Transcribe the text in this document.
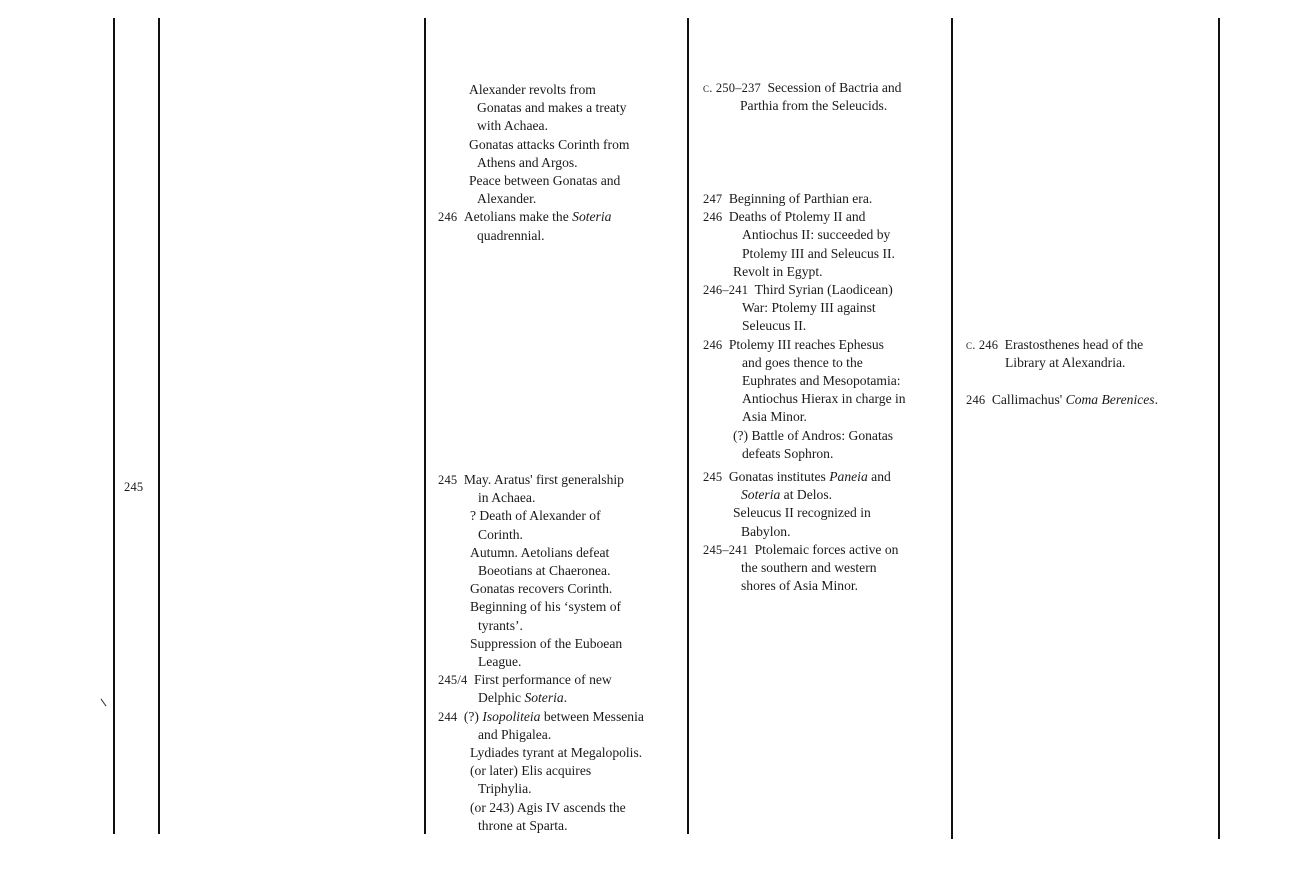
245
Alexander revolts from
Gonatas and makes a treaty
with Achaea.
Gonatas attacks Corinth from
Athens and Argos.
Peace between Gonatas and
Alexander.
246 Aetolians make the Soteria
quadrennial.
245 May. Aratus' first generalship
in Achaea.
? Death of Alexander of
Corinth.
Autumn. Aetolians defeat
Boeotians at Chaeronea.
Gonatas recovers Corinth.
Beginning of his ‘system of
tyrants’.
Suppression of the Euboean
League.
245/4 First performance of new
Delphic Soteria.
244 (?) Isopoliteia between Messenia
and Phigalea.
Lydiades tyrant at Megalopolis.
(or later) Elis acquires
Triphylia.
(or 243) Agis IV ascends the
throne at Sparta.
c. 250–237 Secession of Bactria and
Parthia from the Seleucids.
247 Beginning of Parthian era.
246 Deaths of Ptolemy II and
Antiochus II: succeeded by
Ptolemy III and Seleucus II.
Revolt in Egypt.
246–241 Third Syrian (Laodicean)
War: Ptolemy III against
Seleucus II.
246 Ptolemy III reaches Ephesus
and goes thence to the
Euphrates and Mesopotamia:
Antiochus Hierax in charge in
Asia Minor.
(?) Battle of Andros: Gonatas
defeats Sophron.
245 Gonatas institutes Paneia and
Soteria at Delos.
Seleucus II recognized in
Babylon.
245–241 Ptolemaic forces active on
the southern and western
shores of Asia Minor.
c. 246 Erastosthenes head of the
Library at Alexandria.
246 Callimachus' Coma Berenices.
